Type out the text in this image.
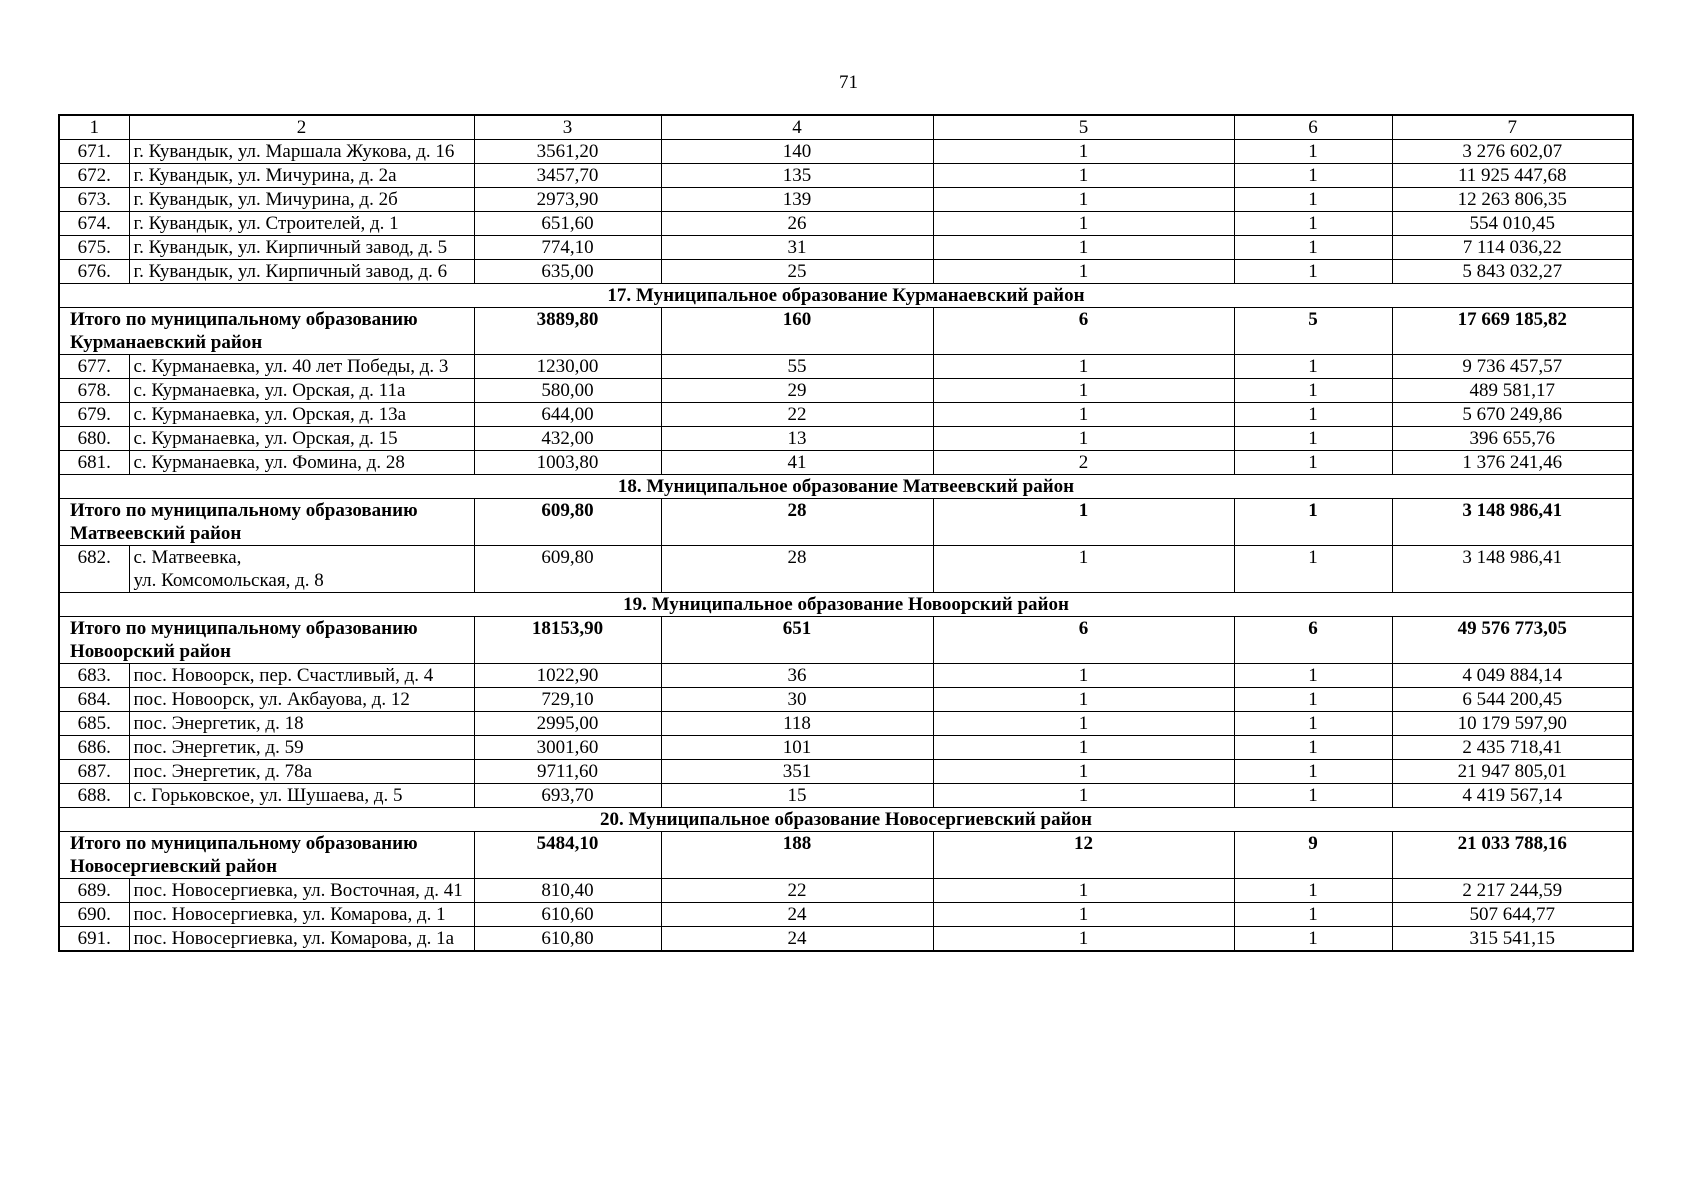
71
1	2	3	4	5	6	7
671.	г. Кувандык, ул. Маршала Жукова, д. 16	3561,20	140	1	1	3 276 602,07
672.	г. Кувандык, ул. Мичурина, д. 2а	3457,70	135	1	1	11 925 447,68
673.	г. Кувандык, ул. Мичурина, д. 2б	2973,90	139	1	1	12 263 806,35
674.	г. Кувандык, ул. Строителей, д. 1	651,60	26	1	1	554 010,45
675.	г. Кувандык, ул. Кирпичный завод, д. 5	774,10	31	1	1	7 114 036,22
676.	г. Кувандык, ул. Кирпичный завод, д. 6	635,00	25	1	1	5 843 032,27
17. Муниципальное образование Курманаевский район						
Итого по муниципальному образованию Курманаевский район		3889,80	160	6	5	17 669 185,82
677.	с. Курманаевка, ул. 40 лет Победы, д. 3	1230,00	55	1	1	9 736 457,57
678.	с. Курманаевка, ул. Орская, д. 11а	580,00	29	1	1	489 581,17
679.	с. Курманаевка, ул. Орская, д. 13а	644,00	22	1	1	5 670 249,86
680.	с. Курманаевка, ул. Орская, д. 15	432,00	13	1	1	396 655,76
681.	с. Курманаевка, ул. Фомина, д. 28	1003,80	41	2	1	1 376 241,46
18. Муниципальное образование Матвеевский район						
Итого по муниципальному образованию Матвеевский район		609,80	28	1	1	3 148 986,41
682.	с. Матвеевка,
ул. Комсомольская, д. 8	609,80	28	1	1	3 148 986,41
19. Муниципальное образование Новоорский район						
Итого по муниципальному образованию Новоорский район		18153,90	651	6	6	49 576 773,05
683.	пос. Новоорск, пер. Счастливый, д. 4	1022,90	36	1	1	4 049 884,14
684.	пос. Новоорск, ул. Акбауова, д. 12	729,10	30	1	1	6 544 200,45
685.	пос. Энергетик, д. 18	2995,00	118	1	1	10 179 597,90
686.	пос. Энергетик, д. 59	3001,60	101	1	1	2 435 718,41
687.	пос. Энергетик, д. 78а	9711,60	351	1	1	21 947 805,01
688.	с. Горьковское, ул. Шушаева, д. 5	693,70	15	1	1	4 419 567,14
20. Муниципальное образование Новосергиевский район						
Итого по муниципальному образованию Новосергиевский район		5484,10	188	12	9	21 033 788,16
689.	пос. Новосергиевка, ул. Восточная, д. 41	810,40	22	1	1	2 217 244,59
690.	пос. Новосергиевка, ул. Комарова, д. 1	610,60	24	1	1	507 644,77
691.	пос. Новосергиевка, ул. Комарова, д. 1а	610,80	24	1	1	315 541,15
